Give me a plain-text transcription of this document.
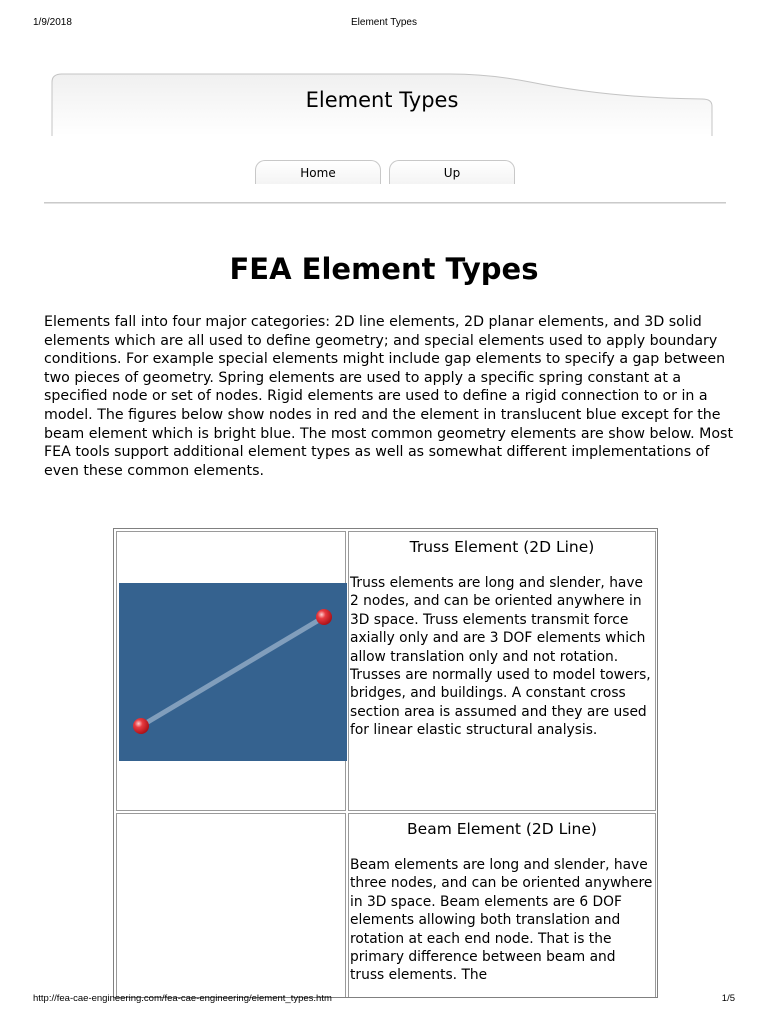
1/9/2018	Element Types
Element Types
Home	Up
FEA Element Types
Elements fall into four major categories: 2D line elements, 2D planar elements, and 3D solid elements which are all used to define geometry; and special elements used to apply boundary conditions. For example special elements might include gap elements to specify a gap between two pieces of geometry. Spring elements are used to apply a specific spring constant at a specified node or set of nodes. Rigid elements are used to define a rigid connection to or in a model. The figures below show nodes in red and the element in translucent blue except for the beam element which is bright blue. The most common geometry elements are show below. Most FEA tools support additional element types as well as somewhat different implementations of even these common elements.
Truss Element (2D Line)
Truss elements are long and slender, have 2 nodes, and can be oriented anywhere in 3D space. Truss elements transmit force axially only and are 3 DOF elements which allow translation only and not rotation. Trusses are normally used to model towers, bridges, and buildings. A constant cross section area is assumed and they are used for linear elastic structural analysis.
Beam Element (2D Line)
Beam elements are long and slender, have three nodes, and can be oriented anywhere in 3D space. Beam elements are 6 DOF elements allowing both translation and rotation at each end node. That is the primary difference between beam and truss elements. The
http://fea-cae-engineering.com/fea-cae-engineering/element_types.htm	1/5
